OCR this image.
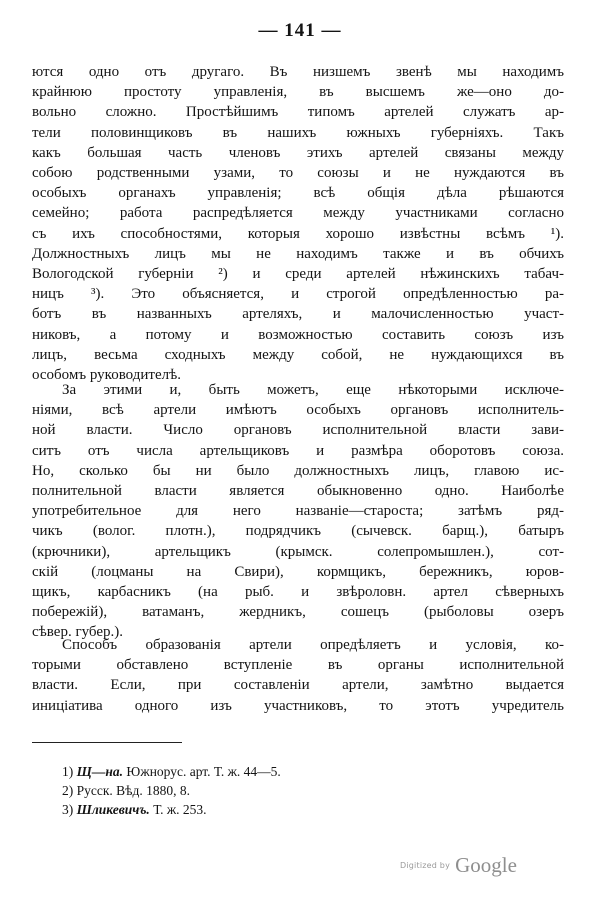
— 141 —
ются одно отъ другаго. Въ низшемъ звенѣ мы находимъ
крайнюю простоту управленія, въ высшемъ же—оно до-
вольно сложно. Простѣйшимъ типомъ артелей служатъ ар-
тели половинщиковъ въ нашихъ южныхъ губерніяхъ. Такъ
какъ большая часть членовъ этихъ артелей связаны между
собою родственными узами, то союзы и не нуждаются въ
особыхъ органахъ управленія; всѣ общія дѣла рѣшаются
семейно; работа распредѣляется между участниками согласно
съ ихъ способностями, которыя хорошо извѣстны всѣмъ ¹).
Должностныхъ лицъ мы не находимъ также и въ обчихъ
Вологодской губерніи ²) и среди артелей нѣжинскихъ табач-
ницъ ³). Это объясняется, и строгой опредѣленностью ра-
ботъ въ названныхъ артеляхъ, и малочисленностью участ-
никовъ, а потому и возможностью составить союзъ изъ
лицъ, весьма сходныхъ между собой, не нуждающихся въ
особомъ руководителѣ.
За этими и, быть можетъ, еще нѣкоторыми исключе-
ніями, всѣ артели имѣютъ особыхъ органовъ исполнитель-
ной власти. Число органовъ исполнительной власти зави-
ситъ отъ числа артельщиковъ и размѣра оборотовъ союза.
Но, сколько бы ни было должностныхъ лицъ, главою ис-
полнительной власти является обыкновенно одно. Наиболѣе
употребительное для него названіе—староста; затѣмъ ряд-
чикъ (волог. плотн.), подрядчикъ (сычевск. барщ.), батыръ
(крючники), артельщикъ (крымск. солепромышлен.), сот-
скій (лоцманы на Свири), кормщикъ, бережникъ, юров-
щикъ, карбасникъ (на рыб. и звѣроловн. артел сѣверныхъ
побережій), ватаманъ, жердникъ, сошецъ (рыболовы озеръ
сѣвер. губер.).
Способъ образованія артели опредѣляетъ и условія, ко-
торыми обставлено вступленіе въ органы исполнительной
власти. Если, при составленіи артели, замѣтно выдается
иниціатива одного изъ участниковъ, то этотъ учредитель
1) Щ—на. Южнорус. арт. Т. ж. 44—5.
2) Русск. Вѣд. 1880, 8.
3) Шликевичъ. Т. ж. 253.
Digitized by Google
